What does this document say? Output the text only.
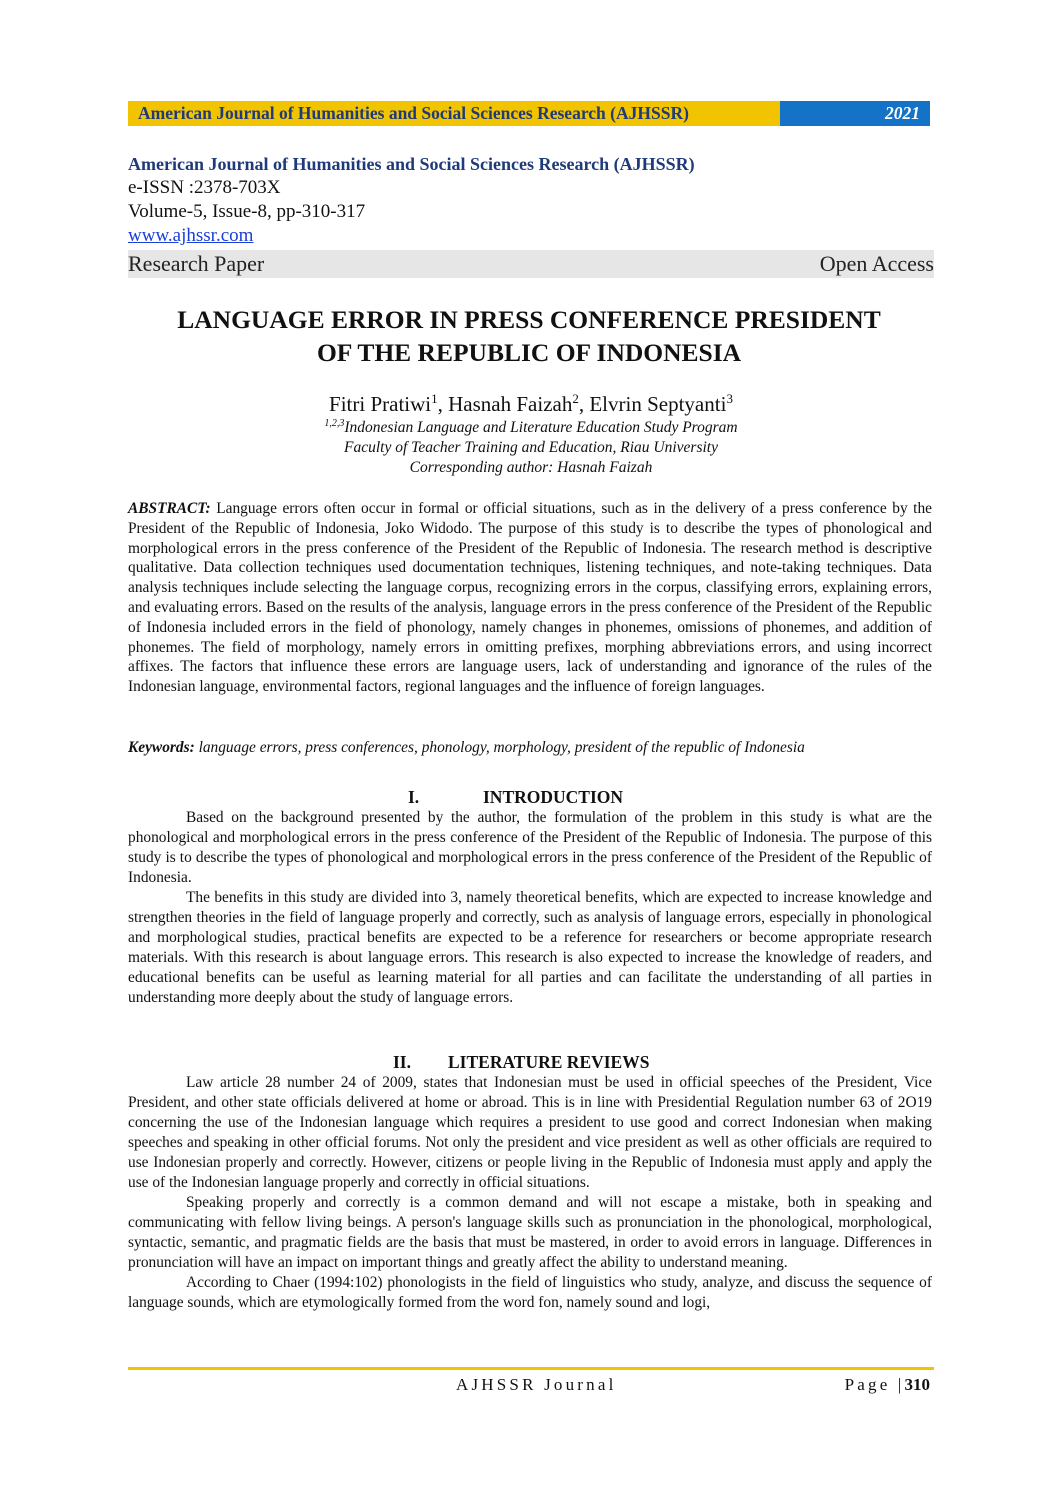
American Journal of Humanities and Social Sciences Research (AJHSSR)	2021
American Journal of Humanities and Social Sciences Research (AJHSSR)
e-ISSN :2378-703X
Volume-5, Issue-8, pp-310-317
www.ajhssr.com
Research Paper	Open Access
LANGUAGE ERROR IN PRESS CONFERENCE PRESIDENT
OF THE REPUBLIC OF INDONESIA
Fitri Pratiwi$^1$, Hasnah Faizah$^2$, Elvrin Septyanti$^3$
$^{1,2,3}$Indonesian Language and Literature Education Study Program
Faculty of Teacher Training and Education, Riau University
Corresponding author: Hasnah Faizah
ABSTRACT: Language errors often occur in formal or official situations, such as in the delivery of a press conference by the President of the Republic of Indonesia, Joko Widodo. The purpose of this study is to describe the types of phonological and morphological errors in the press conference of the President of the Republic of Indonesia. The research method is descriptive qualitative. Data collection techniques used documentation techniques, listening techniques, and note-taking techniques. Data analysis techniques include selecting the language corpus, recognizing errors in the corpus, classifying errors, explaining errors, and evaluating errors. Based on the results of the analysis, language errors in the press conference of the President of the Republic of Indonesia included errors in the field of phonology, namely changes in phonemes, omissions of phonemes, and addition of phonemes. The field of morphology, namely errors in omitting prefixes, morphing abbreviations errors, and using incorrect affixes. The factors that influence these errors are language users, lack of understanding and ignorance of the rules of the Indonesian language, environmental factors, regional languages and the influence of foreign languages.
Keywords: language errors, press conferences, phonology, morphology, president of the republic of Indonesia
I.	INTRODUCTION

Based on the background presented by the author, the formulation of the problem in this study is what are the phonological and morphological errors in the press conference of the President of the Republic of Indonesia. The purpose of this study is to describe the types of phonological and morphological errors in the press conference of the President of the Republic of Indonesia.

The benefits in this study are divided into 3, namely theoretical benefits, which are expected to increase knowledge and strengthen theories in the field of language properly and correctly, such as analysis of language errors, especially in phonological and morphological studies, practical benefits are expected to be a reference for researchers or become appropriate research materials. With this research is about language errors. This research is also expected to increase the knowledge of readers, and educational benefits can be useful as learning material for all parties and can facilitate the understanding of all parties in understanding more deeply about the study of language errors.

II. LITERATURE REVIEWS

Law article 28 number 24 of 2009, states that Indonesian must be used in official speeches of the President, Vice President, and other state officials delivered at home or abroad. This is in line with Presidential Regulation number 63 of 2O19 concerning the use of the Indonesian language which requires a president to use good and correct Indonesian when making speeches and speaking in other official forums. Not only the president and vice president as well as other officials are required to use Indonesian properly and correctly. However, citizens or people living in the Republic of Indonesia must apply and apply the use of the Indonesian language properly and correctly in official situations.

Speaking properly and correctly is a common demand and will not escape a mistake, both in speaking and communicating with fellow living beings. A person's language skills such as pronunciation in the phonological, morphological, syntactic, semantic, and pragmatic fields are the basis that must be mastered, in order to avoid errors in language. Differences in pronunciation will have an impact on important things and greatly affect the ability to understand meaning.

According to Chaer (1994:102) phonologists in the field of linguistics who study, analyze, and discuss the sequence of language sounds, which are etymologically formed from the word fon, namely sound and logi,

AJHSSR Journal	Page |310
